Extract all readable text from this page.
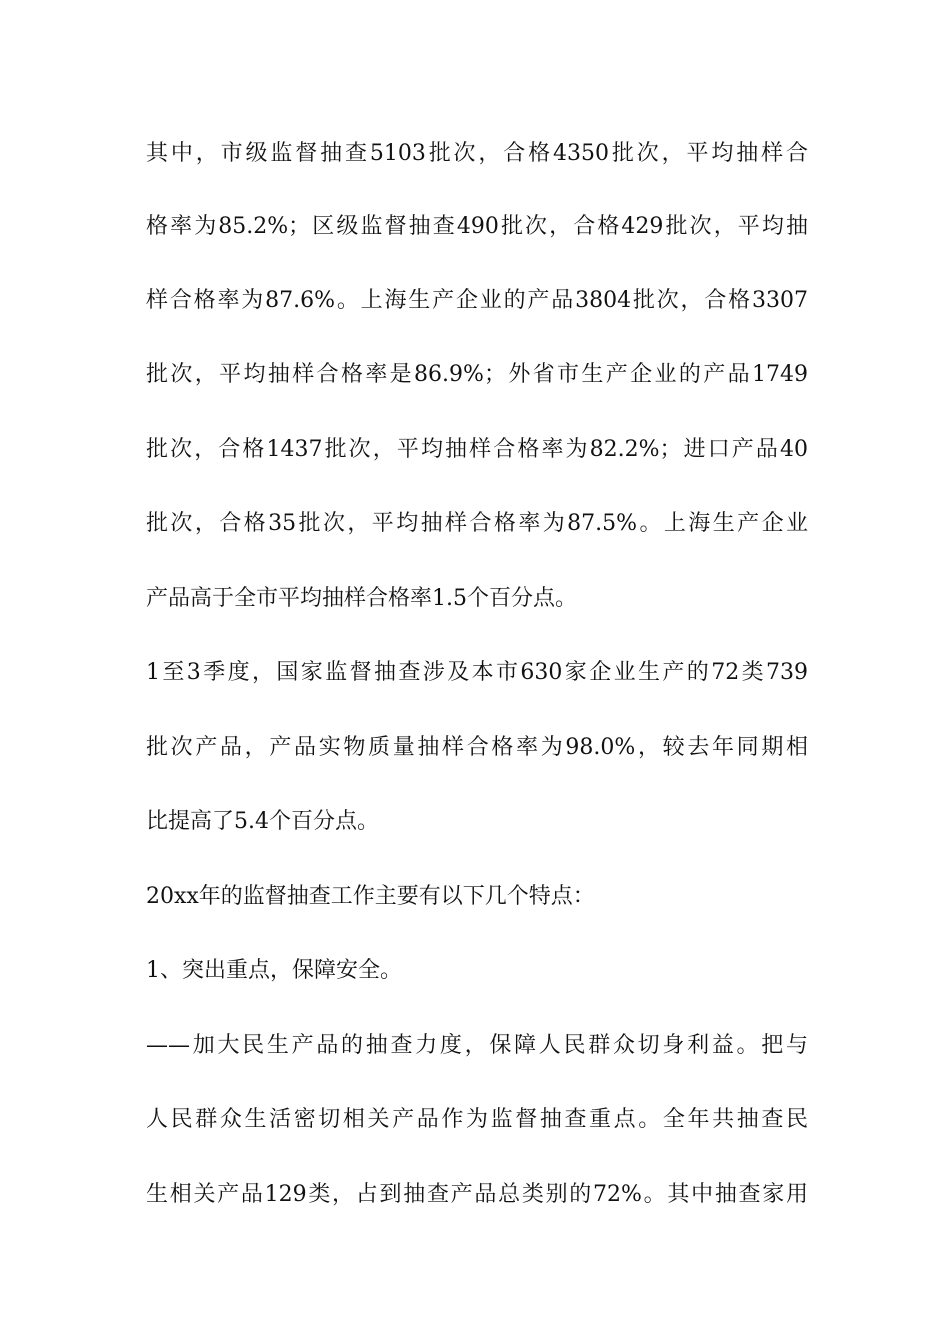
其中，市级监督抽查5103批次，合格4350批次，平均抽样合
格率为85.2%；区级监督抽查490批次，合格429批次，平均抽
样合格率为87.6%。上海生产企业的产品3804批次，合格3307
批次，平均抽样合格率是86.9%；外省市生产企业的产品1749
批次，合格1437批次，平均抽样合格率为82.2%；进口产品40
批次，合格35批次，平均抽样合格率为87.5%。上海生产企业
产品高于全市平均抽样合格率1.5个百分点。
1至3季度，国家监督抽查涉及本市630家企业生产的72类739
批次产品，产品实物质量抽样合格率为98.0%，较去年同期相
比提高了5.4个百分点。
20xx年的监督抽查工作主要有以下几个特点：
1、突出重点，保障安全。
——加大民生产品的抽查力度，保障人民群众切身利益。把与
人民群众生活密切相关产品作为监督抽查重点。全年共抽查民
生相关产品129类，占到抽查产品总类别的72%。其中抽查家用
